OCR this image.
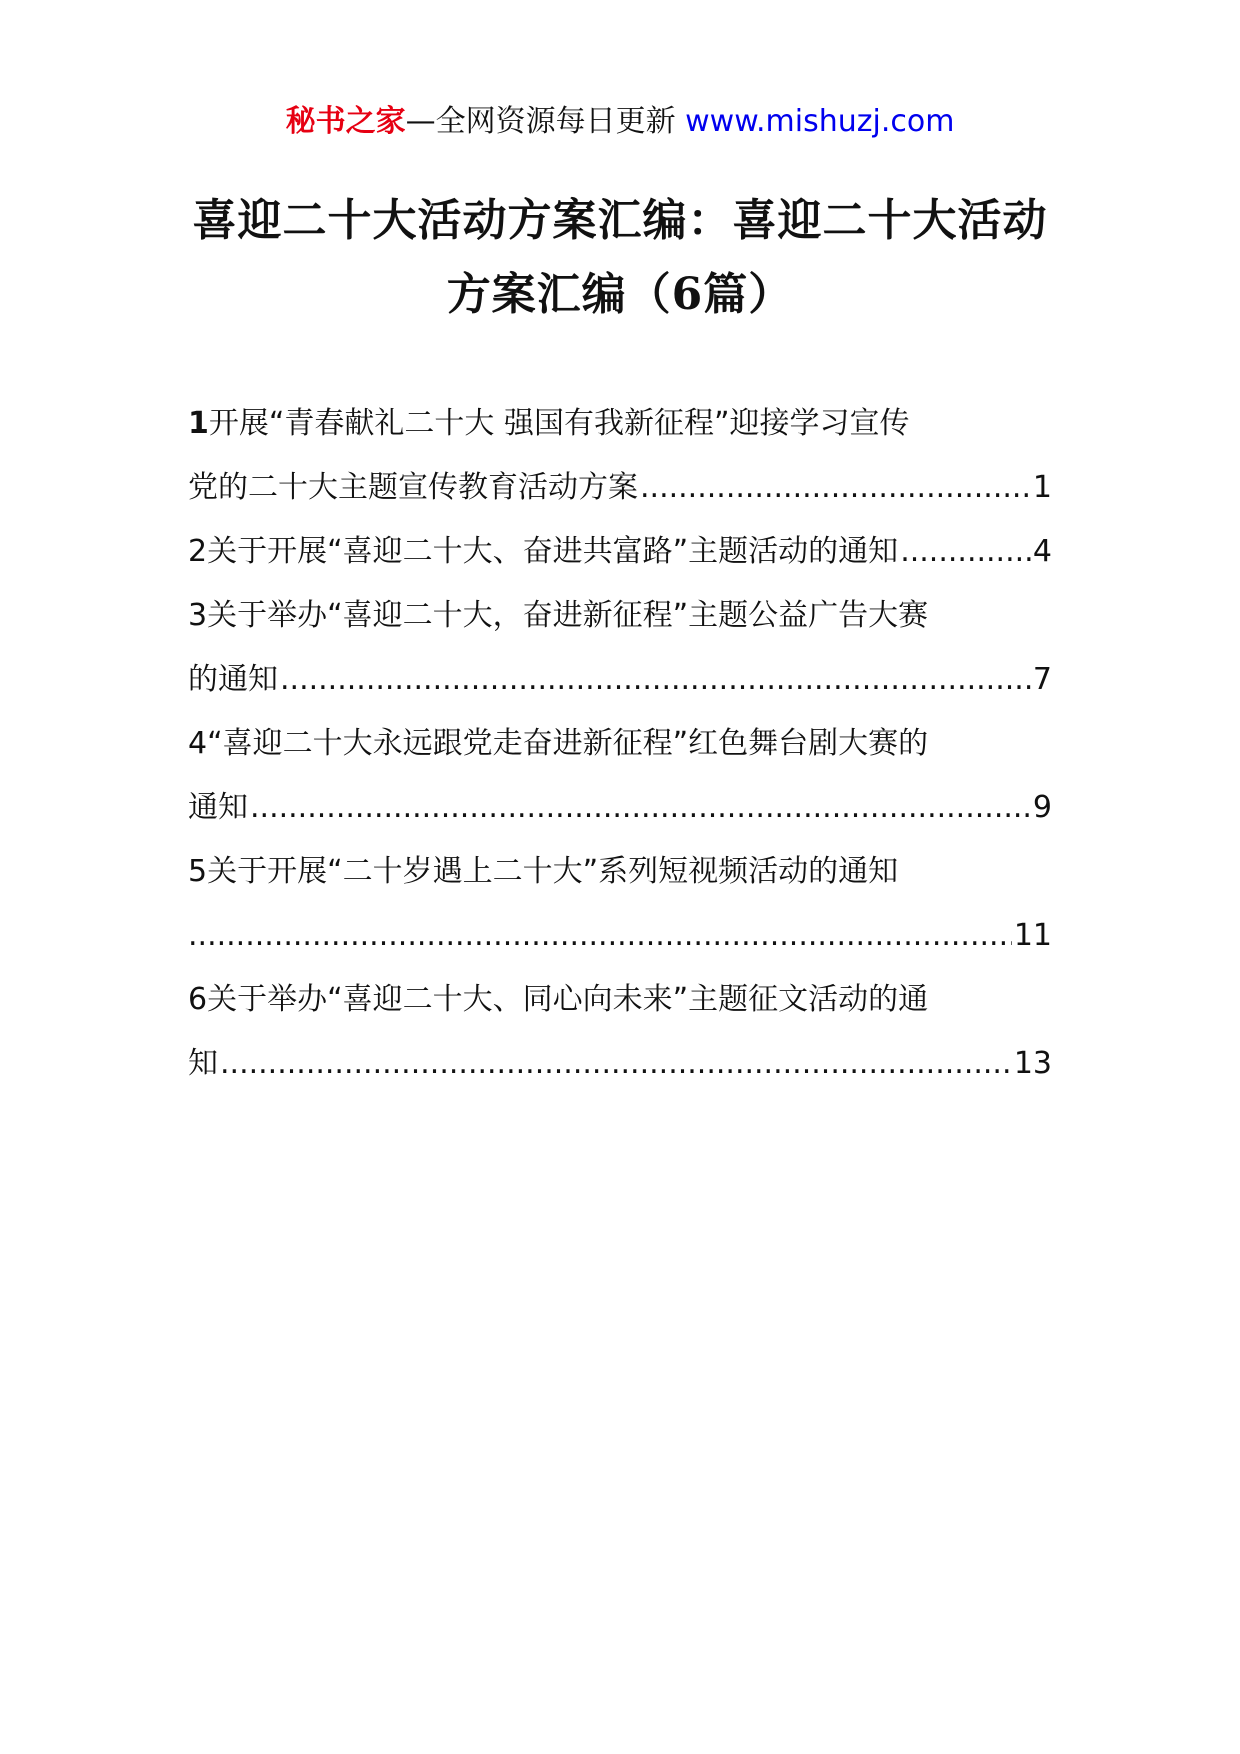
秘书之家—全网资源每日更新 www.mishuzj.com
喜迎二十大活动方案汇编：喜迎二十大活动方案汇编（6篇）
1 开展“青春献礼二十大 强国有我新征程”迎接学习宣传
党的二十大主题宣传教育活动方案 .....	1
2 关于开展“喜迎二十大、奋进共富路”主题活动的通知 .....	4
3 关于举办“喜迎二十大，奋进新征程”主题公益广告大赛
的通知 .....	7
4 “喜迎二十大永远跟党走奋进新征程”红色舞台剧大赛的
通知 .....	9
5 关于开展“二十岁遇上二十大”系列短视频活动的通知
.....
11
6 关于举办“喜迎二十大、同心向未来”主题征文活动的通
知 .....	13
